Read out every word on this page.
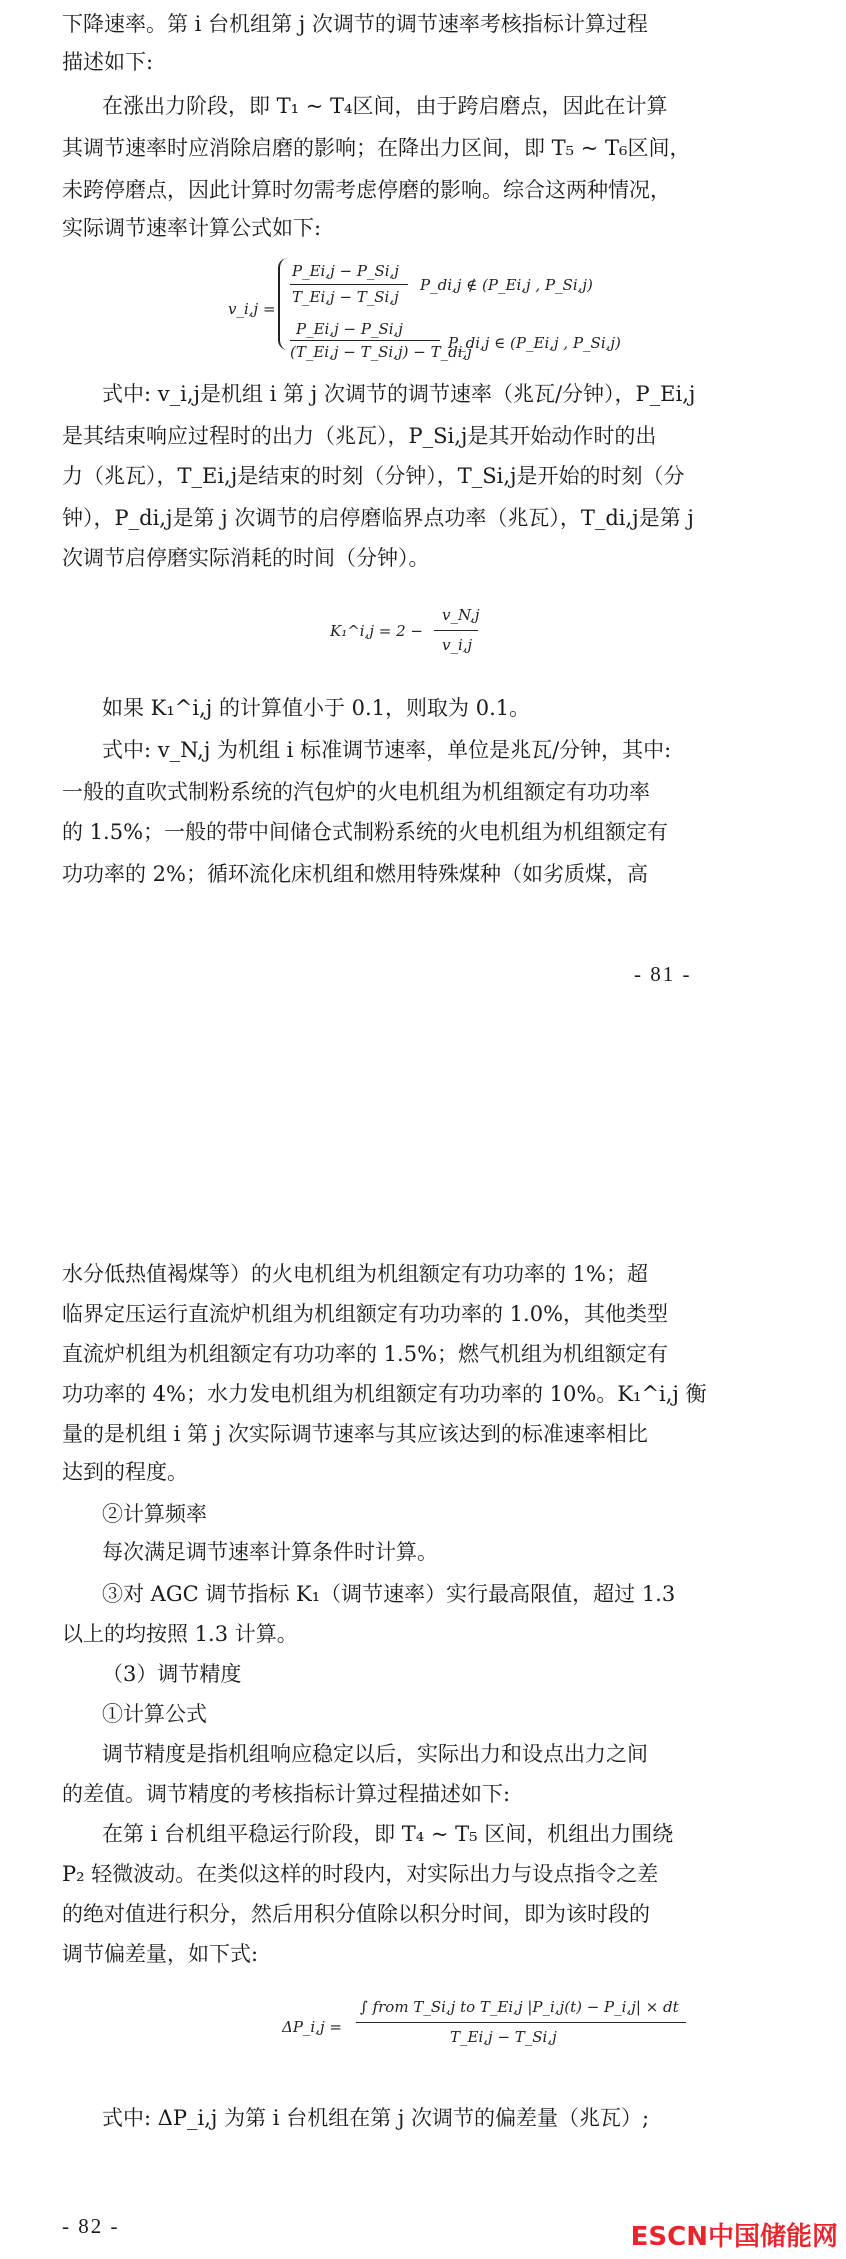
下降速率。第 i 台机组第 j 次调节的调节速率考核指标计算过程
描述如下:
在涨出力阶段，即 T₁ ~ T₄区间，由于跨启磨点，因此在计算
其调节速率时应消除启磨的影响；在降出力区间，即 T₅ ~ T₆区间，
未跨停磨点，因此计算时勿需考虑停磨的影响。综合这两种情况，
实际调节速率计算公式如下:
v_i,j =
P_Ei,j − P_Si,j
T_Ei,j − T_Si,j
P_di,j ∉ (P_Ei,j , P_Si,j)
P_Ei,j − P_Si,j
(T_Ei,j − T_Si,j) − T_di,j
P_di,j ∈ (P_Ei,j , P_Si,j)
式中: v_i,j是机组 i 第 j 次调节的调节速率（兆瓦/分钟），P_Ei,j
是其结束响应过程时的出力（兆瓦），P_Si,j是其开始动作时的出
力（兆瓦），T_Ei,j是结束的时刻（分钟），T_Si,j是开始的时刻（分
钟），P_di,j是第 j 次调节的启停磨临界点功率（兆瓦），T_di,j是第 j
次调节启停磨实际消耗的时间（分钟）。
K₁^i,j = 2 −
v_N,j
v_i,j
如果 K₁^i,j 的计算值小于 0.1，则取为 0.1。
式中: v_N,j 为机组 i 标准调节速率，单位是兆瓦/分钟，其中:
一般的直吹式制粉系统的汽包炉的火电机组为机组额定有功功率
的 1.5%；一般的带中间储仓式制粉系统的火电机组为机组额定有
功功率的 2%；循环流化床机组和燃用特殊煤种（如劣质煤，高
- 81 -
水分低热值褐煤等）的火电机组为机组额定有功功率的 1%；超
临界定压运行直流炉机组为机组额定有功功率的 1.0%，其他类型
直流炉机组为机组额定有功功率的 1.5%；燃气机组为机组额定有
功功率的 4%；水力发电机组为机组额定有功功率的 10%。K₁^i,j 衡
量的是机组 i 第 j 次实际调节速率与其应该达到的标准速率相比
达到的程度。
②计算频率
每次满足调节速率计算条件时计算。
③对 AGC 调节指标 K₁（调节速率）实行最高限值，超过 1.3
以上的均按照 1.3 计算。
（3）调节精度
①计算公式
调节精度是指机组响应稳定以后，实际出力和设点出力之间
的差值。调节精度的考核指标计算过程描述如下:
在第 i 台机组平稳运行阶段，即 T₄ ~ T₅ 区间，机组出力围绕
P₂ 轻微波动。在类似这样的时段内，对实际出力与设点指令之差
的绝对值进行积分，然后用积分值除以积分时间，即为该时段的
调节偏差量，如下式:
ΔP_i,j =
∫ from T_Si,j to T_Ei,j |P_i,j(t) − P_i,j| × dt
T_Ei,j − T_Si,j
式中: ΔP_i,j 为第 i 台机组在第 j 次调节的偏差量（兆瓦）;
- 82 -	ESCN中国储能网
